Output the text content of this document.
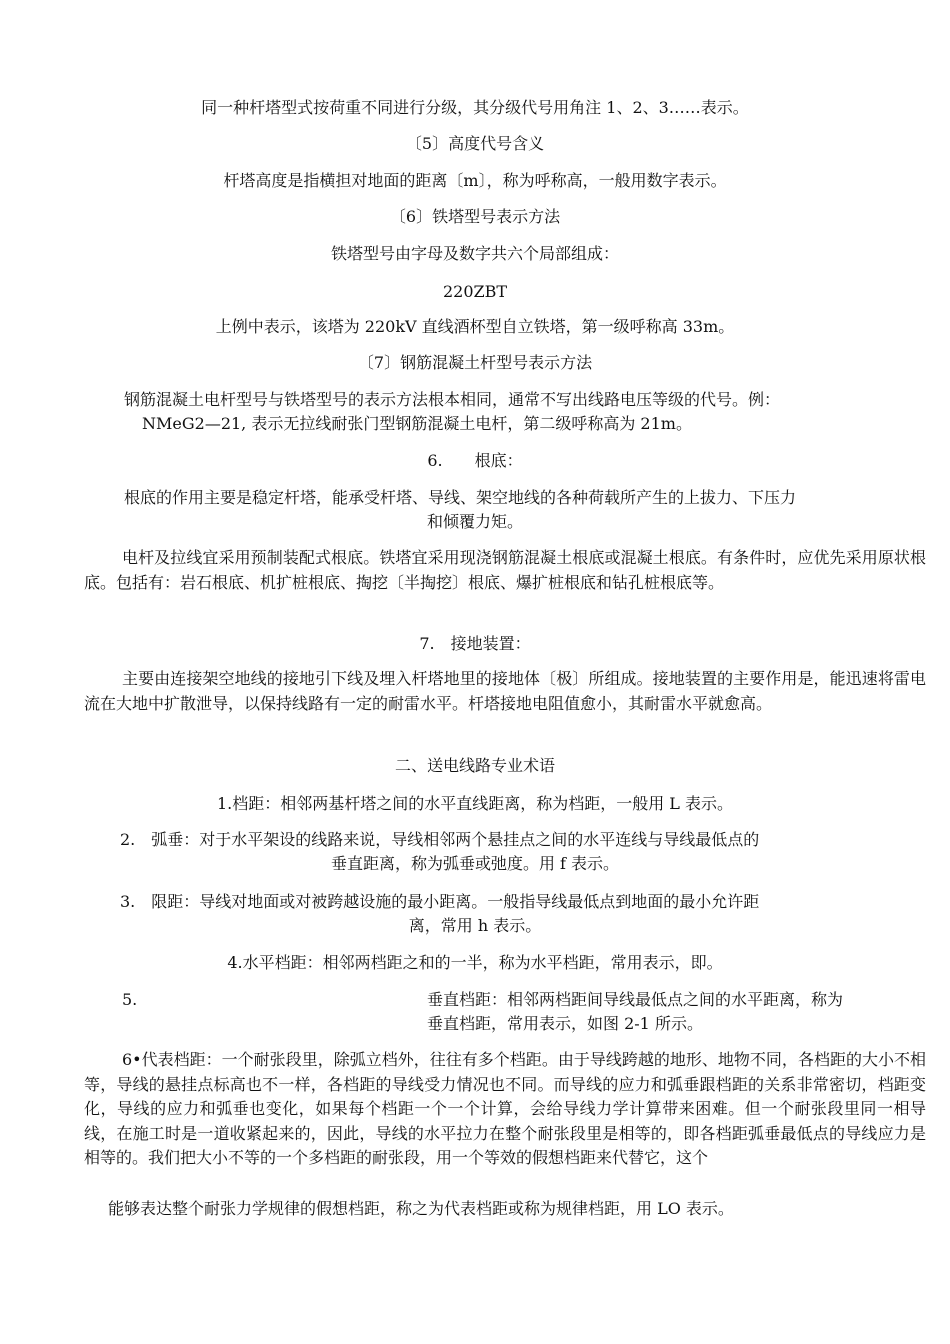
同一种杆塔型式按荷重不同进行分级，其分级代号用角注 1、2、3……表示。
〔5〕高度代号含义
杆塔高度是指横担对地面的距离〔m〕，称为呼称高，一般用数字表示。
〔6〕铁塔型号表示方法
铁塔型号由字母及数字共六个局部组成：
220ZBT
上例中表示，该塔为 220kV 直线酒杯型自立铁塔，第一级呼称高 33m。
〔7〕钢筋混凝土杆型号表示方法
钢筋混凝土电杆型号与铁塔型号的表示方法根本相同，通常不写出线路电压等级的代号。例：
NMeG2—21, 表示无拉线耐张门型钢筋混凝土电杆，第二级呼称高为 21m。
6.　　根底：
根底的作用主要是稳定杆塔，能承受杆塔、导线、架空地线的各种荷载所产生的上拔力、下压力
和倾覆力矩。
电杆及拉线宜采用预制装配式根底。铁塔宜采用现浇钢筋混凝土根底或混凝土根底。有条件时，应优先采用原状根底。包括有：岩石根底、机扩桩根底、掏挖〔半掏挖〕根底、爆扩桩根底和钻孔桩根底等。
7.　接地装置：
主要由连接架空地线的接地引下线及埋入杆塔地里的接地体〔极〕所组成。接地装置的主要作用是，能迅速将雷电流在大地中扩散泄导，以保持线路有一定的耐雷水平。杆塔接地电阻值愈小，其耐雷水平就愈高。
二、送电线路专业术语
1.档距：相邻两基杆塔之间的水平直线距离，称为档距，一般用 L 表示。
2.　弧垂：对于水平架设的线路来说，导线相邻两个悬挂点之间的水平连线与导线最低点的
垂直距离，称为弧垂或弛度。用 f 表示。
3.　限距：导线对地面或对被跨越设施的最小距离。一般指导线最低点到地面的最小允许距
离，常用 h 表示。
4.水平档距：相邻两档距之和的一半，称为水平档距，常用表示，即。
5.	垂直档距：相邻两档距间导线最低点之间的水平距离，称为
垂直档距，常用表示，如图 2-1 所示。
6•代表档距：一个耐张段里，除弧立档外，往往有多个档距。由于导线跨越的地形、地物不同，各档距的大小不相等，导线的悬挂点标高也不一样，各档距的导线受力情况也不同。而导线的应力和弧垂跟档距的关系非常密切，档距变化，导线的应力和弧垂也变化，如果每个档距一个一个计算，会给导线力学计算带来困难。但一个耐张段里同一相导线，在施工时是一道收紧起来的，因此，导线的水平拉力在整个耐张段里是相等的，即各档距弧垂最低点的导线应力是相等的。我们把大小不等的一个多档距的耐张段，用一个等效的假想档距来代替它，这个
能够表达整个耐张力学规律的假想档距，称之为代表档距或称为规律档距，用 LO 表示。
